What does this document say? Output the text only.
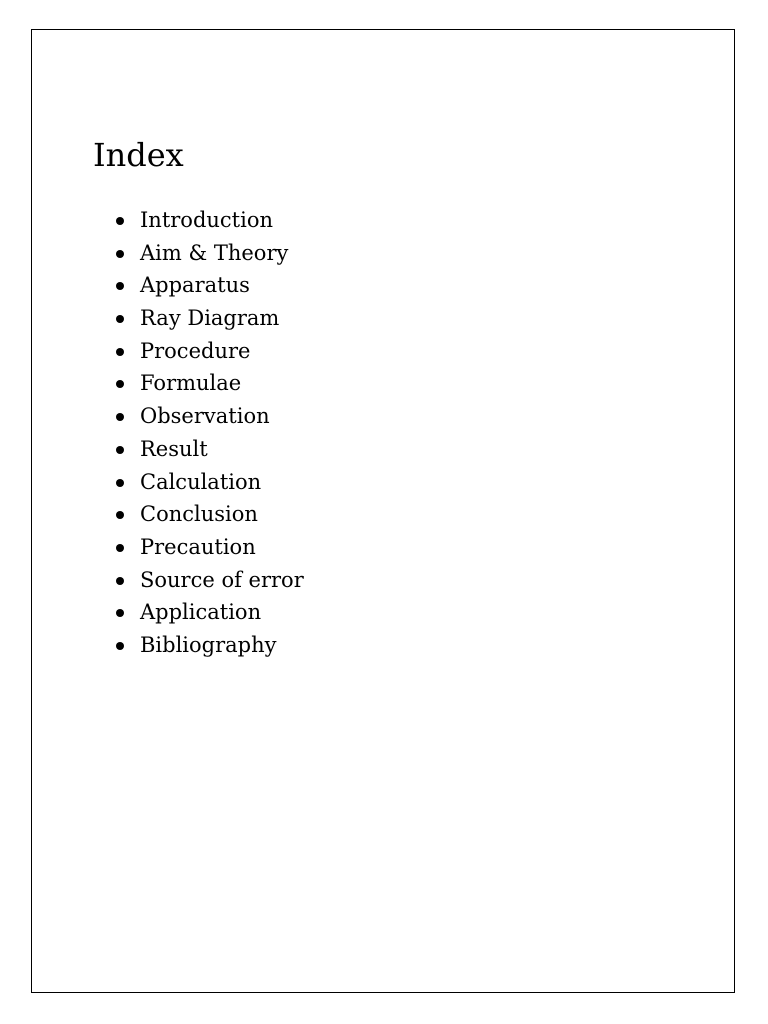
Index
Introduction
Aim & Theory
Apparatus
Ray Diagram
Procedure
Formulae
Observation
Result
Calculation
Conclusion
Precaution
Source of error
Application
Bibliography
